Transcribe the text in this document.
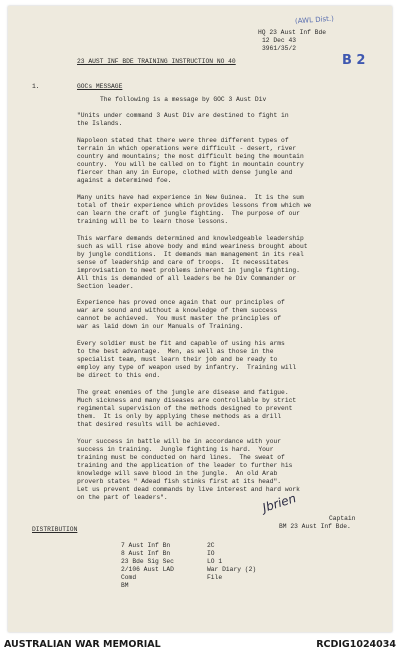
(AWL Dist.)
HQ 23 Aust Inf Bde
12 Dec 43
3961/35/2
B 2
23 AUST INF BDE TRAINING INSTRUCTION NO 40
1.	GOCs MESSAGE
The following is a message by GOC 3 Aust Div
"Units under command 3 Aust Div are destined to fight in
the Islands.
Napoleon stated that there were three different types of
terrain in which operations were difficult - desert, river
country and mountains; the most difficult being the mountain
country.  You will be called on to fight in mountain country
fiercer than any in Europe, clothed with dense jungle and
against a determined foe.
Many units have had experience in New Guinea.  It is the sum
total of their experience which provides lessons from which we
can learn the craft of jungle fighting.  The purpose of our
training will be to learn those lessons.
This warfare demands determined and knowledgeable leadership
such as will rise above body and mind weariness brought about
by jungle conditions.  It demands man management in its real
sense of leadership and care of troops.  It necessitates
improvisation to meet problems inherent in jungle fighting.
All this is demanded of all leaders be he Div Commander or
Section leader.
Experience has proved once again that our principles of
war are sound and without a knowledge of them success
cannot be achieved.  You must master the principles of
war as laid down in our Manuals of Training.
Every soldier must be fit and capable of using his arms
to the best advantage.  Men, as well as those in the
specialist team, must learn their job and be ready to
employ any type of weapon used by infantry.  Training will
be direct to this end.
The great enemies of the jungle are disease and fatigue.
Much sickness and many diseases are controllable by strict
regimental supervision of the methods designed to prevent
them.  It is only by applying these methods as a drill
that desired results will be achieved.
Your success in battle will be in accordance with your
success in training.  Jungle fighting is hard.  Your
training must be conducted on hard lines.  The sweat of
training and the application of the leader to further his
knowledge will save blood in the jungle.  An old Arab
proverb states " Adead fish stinks first at its head".
Let us prevent dead commands by live interest and hard work
on the part of leaders".	Jbrien
Captain
BM 23 Aust Inf Bde.
DISTRIBUTION
7 Aust Inf Bn	2C
8 Aust Inf Bn	IO
23 Bde Sig Sec	LO 1
2/106 Aust LAD	War Diary (2)
Comd	File
BM
AUSTRALIAN WAR MEMORIAL	RCDIG1024034
